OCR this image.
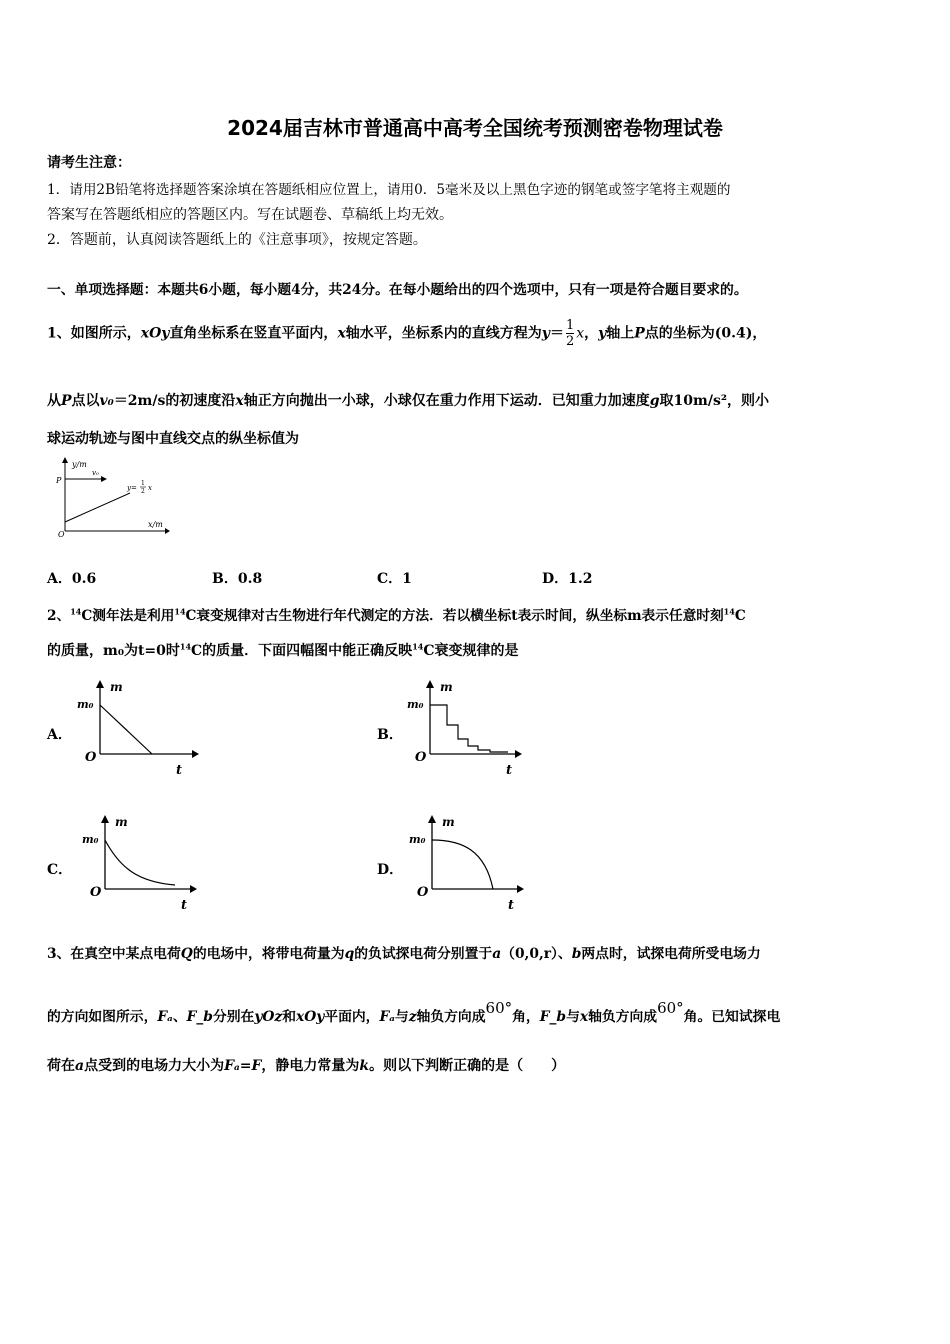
2024届吉林市普通高中高考全国统考预测密卷物理试卷
请考生注意：
1．请用2B铅笔将选择题答案涂填在答题纸相应位置上，请用0．5毫米及以上黑色字迹的钢笔或签字笔将主观题的
答案写在答题纸相应的答题区内。写在试题卷、草稿纸上均无效。
2．答题前，认真阅读答题纸上的《注意事项》，按规定答题。
一、单项选择题：本题共6小题，每小题4分，共24分。在每小题给出的四个选项中，只有一项是符合题目要求的。
1、如图所示，xOy直角坐标系在竖直平面内，x轴水平，坐标系内的直线方程为$y= \frac{1}{2}$ x，y轴上P点的坐标为(0.4)，
从P点以v₀＝2m/s的初速度沿x轴正方向抛出一小球，小球仅在重力作用下运动．已知重力加速度g取10m/s²，则小
球运动轨迹与图中直线交点的纵坐标值为
y/m
x/m
P
O
v₀
y=
1
2 x
A．0.6	B．0.8	C．1	D．1.2
2、$^{14}$C测年法是利用$^{14}$C衰变规律对古生物进行年代测定的方法．若以横坐标t表示时间，纵坐标m表示任意时刻$^{14}$C
的质量，m₀为t=0时$^{14}$C的质量．下面四幅图中能正确反映$^{14}$C衰变规律的是
A．
m
m₀
O
t
B．
m
m₀
O
t
C．
m
m₀
O
t
D．
m
m₀
O
t
3、在真空中某点电荷Q的电场中，将带电荷量为q的负试探电荷分别置于a（0,0,r）、b两点时，试探电荷所受电场力
的方向如图所示，Fₐ、F_b分别在yOz和xOy平面内，Fₐ与z轴负方向成60°角，F_b与x轴负方向成60°角。已知试探电
荷在a点受到的电场力大小为Fₐ=F，静电力常量为k。则以下判断正确的是（　　）
